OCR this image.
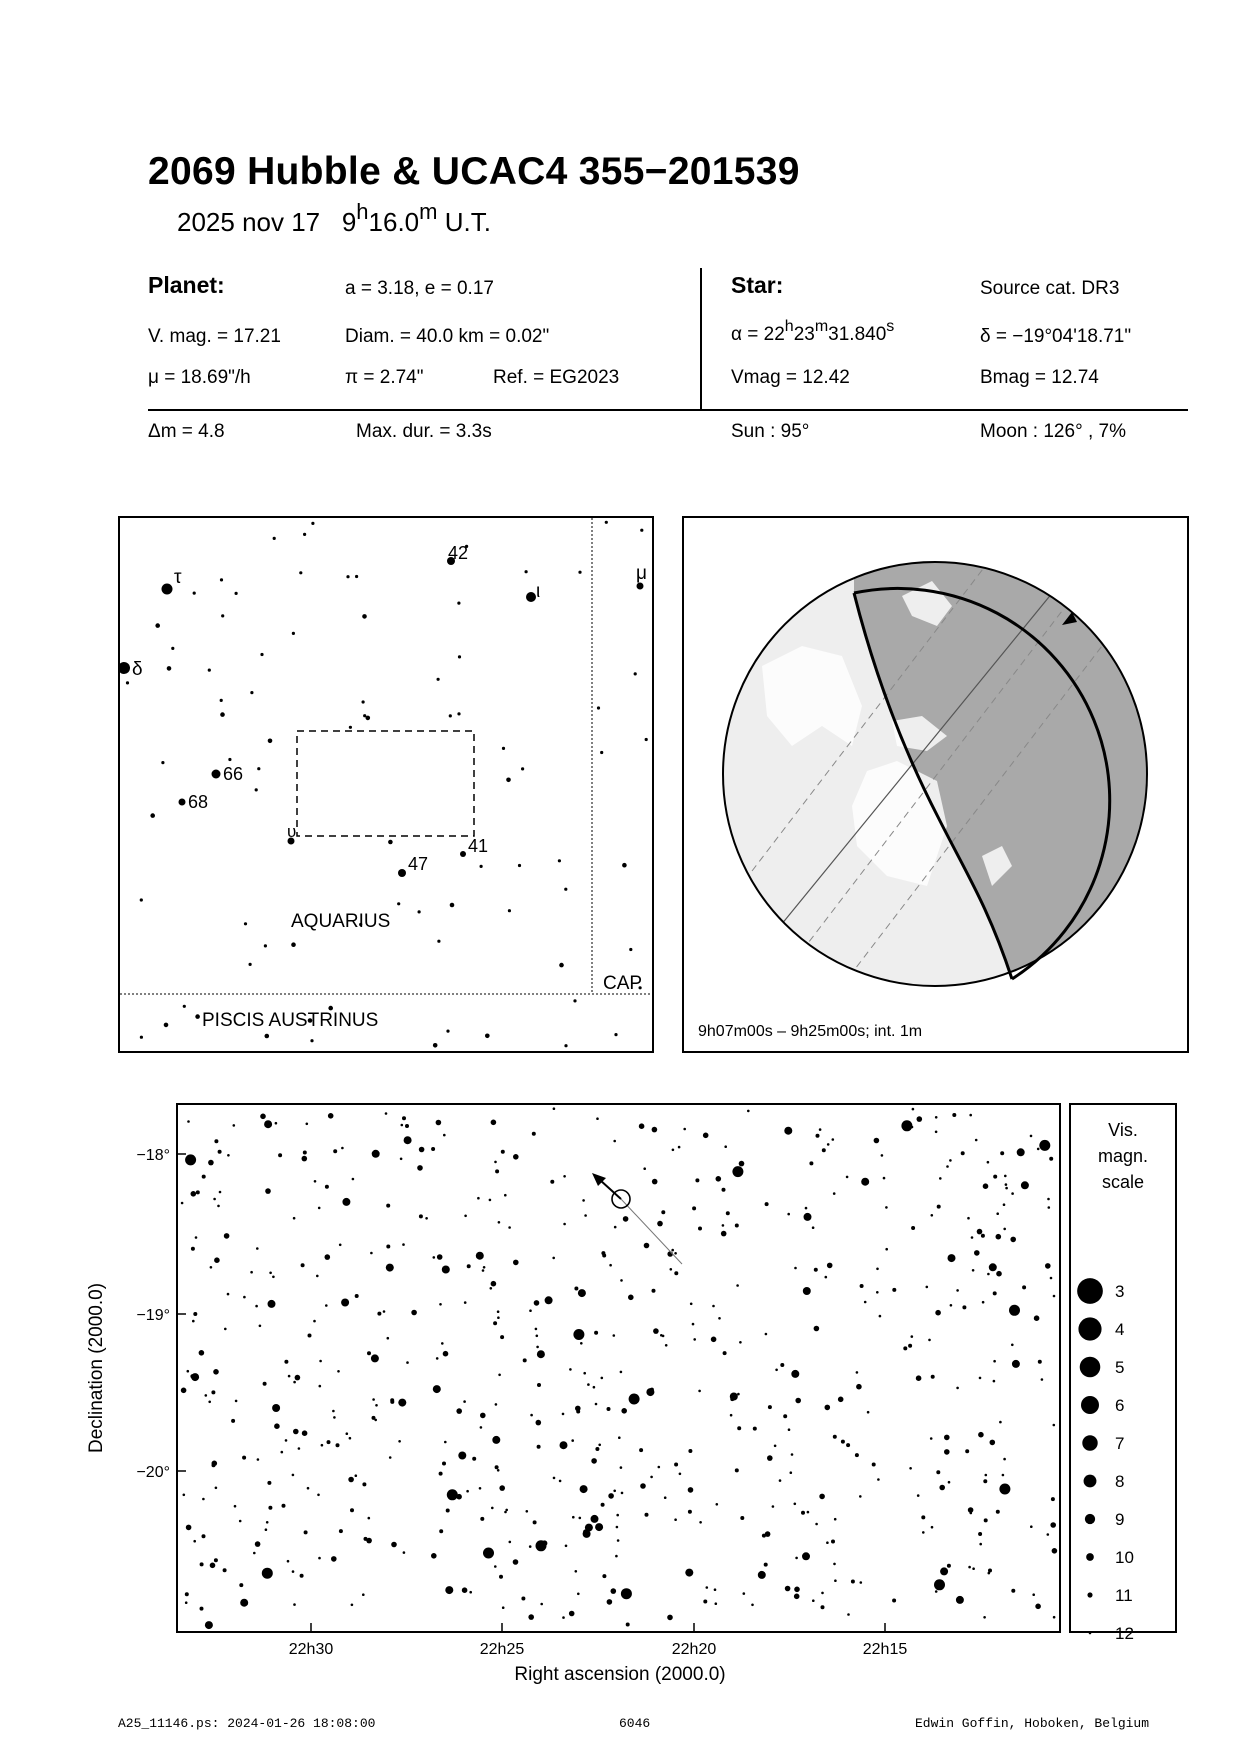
2069 Hubble & UCAC4 355−201539
2025 nov 17 9$^h$16.0$^m$ U.T.
Planet:	a = 3.18, e = 0.17
V. mag. = 17.21	Diam. = 40.0 km = 0.02"
μ = 18.69"/h	π = 2.74"	Ref. = EG2023
Star:	Source cat. DR3
$\alpha = 22^h23^m31.840^s$	δ = −19°04'18.71"
Vmag = 12.42	Bmag = 12.74
Δm = 4.8	Max. dur. = 3.3s	Sun : 95°	Moon : 126° , 7%
τ
ι
μ
δ
υ
42
66
68
41
47
AQUARIUS
PISCIS AUSTRINUS
CAP
9h07m00s – 9h25m00s; int. 1m
−18°
−19°
−20°
22h30	22h25	22h20	22h15
Declination (2000.0)
Right ascension (2000.0)
Vis.
magn.
scale
3
4
5
6
7
8
9
10
11
12
A25_11146.ps: 2024-01-26 18:08:00	6046	Edwin Goffin, Hoboken, Belgium
